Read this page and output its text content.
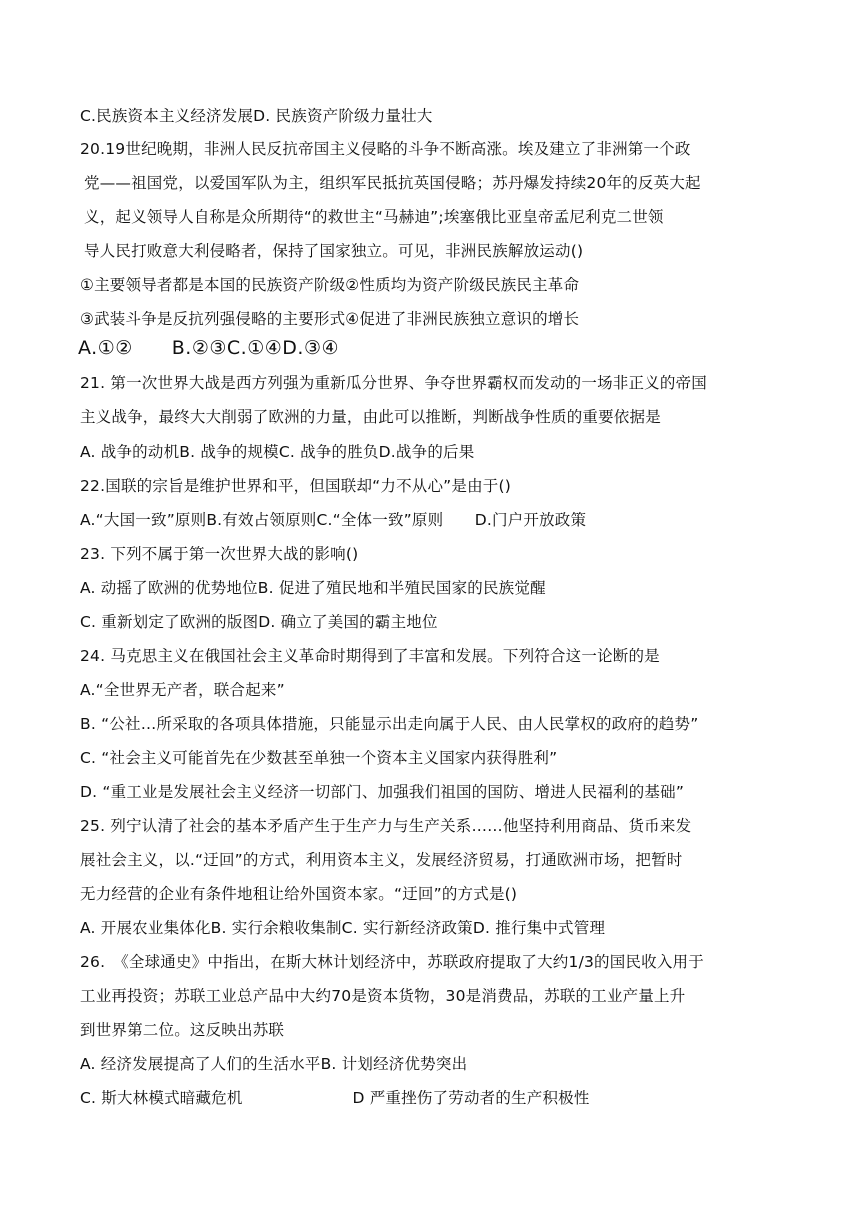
C.民族资本主义经济发展D. 民族资产阶级力量壮大
20.19世纪晚期，非洲人民反抗帝国主义侵略的斗争不断高涨。埃及建立了非洲第一个政
党——祖国党，以爱国军队为主，组织军民抵抗英国侵略；苏丹爆发持续20年的反英大起
义，起义领导人自称是众所期待“的救世主“马赫迪”;埃塞俄比亚皇帝孟尼利克二世领
导人民打败意大利侵略者，保持了国家独立。可见，非洲民族解放运动()
①主要领导者都是本国的民族资产阶级②性质均为资产阶级民族民主革命
③武装斗争是反抗列强侵略的主要形式④促进了非洲民族独立意识的增长
A.①②　　B.②③C.①④D.③④
21. 第一次世界大战是西方列强为重新瓜分世界、争夺世界霸权而发动的一场非正义的帝国
主义战争，最终大大削弱了欧洲的力量，由此可以推断，判断战争性质的重要依据是
A. 战争的动机B. 战争的规模C. 战争的胜负D.战争的后果
22.国联的宗旨是维护世界和平，但国联却“力不从心”是由于()
A.“大国一致”原则B.有效占领原则C.“全体一致”原则　　D.门户开放政策
23. 下列不属于第一次世界大战的影响()
A. 动摇了欧洲的优势地位B. 促进了殖民地和半殖民国家的民族觉醒
C. 重新划定了欧洲的版图D. 确立了美国的霸主地位
24. 马克思主义在俄国社会主义革命时期得到了丰富和发展。下列符合这一论断的是
A.“全世界无产者，联合起来”
B. “公社…所采取的各项具体措施，只能显示出走向属于人民、由人民掌权的政府的趋势”
C. “社会主义可能首先在少数甚至单独一个资本主义国家内获得胜利”
D. “重工业是发展社会主义经济一切部门、加强我们祖国的国防、增进人民福利的基础”
25. 列宁认清了社会的基本矛盾产生于生产力与生产关系……他坚持利用商品、货币来发
展社会主义，以.“迂回”的方式，利用资本主义，发展经济贸易，打通欧洲市场，把暂时
无力经营的企业有条件地租让给外国资本家。“迂回”的方式是()
A. 开展农业集体化B. 实行余粮收集制C. 实行新经济政策D. 推行集中式管理
26.　《全球通史》中指出，在斯大林计划经济中，苏联政府提取了大约1/3的国民收入用于
工业再投资；苏联工业总产品中大约70是资本货物，30是消费品，苏联的工业产量上升
到世界第二位。这反映出苏联
A. 经济发展提高了人们的生活水平B. 计划经济优势突出
C. 斯大林模式暗藏危机　　　　　　　D 严重挫伤了劳动者的生产积极性
